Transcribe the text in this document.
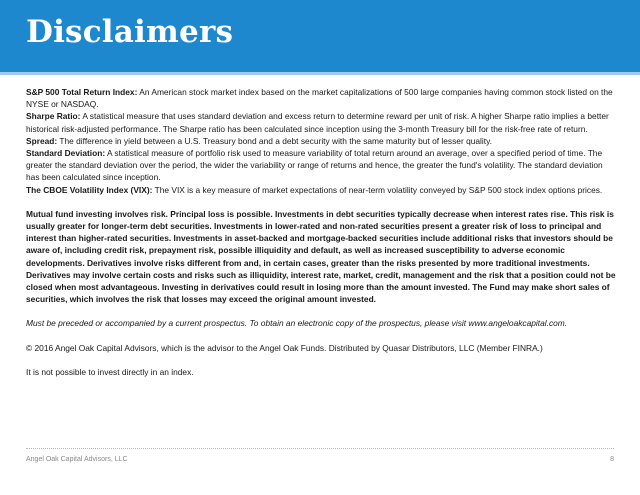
Disclaimers

S&P 500 Total Return Index: An American stock market index based on the market capitalizations of 500 large companies having common stock listed on the NYSE or NASDAQ.

Sharpe Ratio: A statistical measure that uses standard deviation and excess return to determine reward per unit of risk. A higher Sharpe ratio implies a better historical risk-adjusted performance. The Sharpe ratio has been calculated since inception using the 3-month Treasury bill for the risk-free rate of return.

Spread: The difference in yield between a U.S. Treasury bond and a debt security with the same maturity but of lesser quality.

Standard Deviation: A statistical measure of portfolio risk used to measure variability of total return around an average, over a specified period of time. The greater the standard deviation over the period, the wider the variability or range of returns and hence, the greater the fund's volatility. The standard deviation has been calculated since inception.

The CBOE Volatility Index (VIX): The VIX is a key measure of market expectations of near-term volatility conveyed by S&P 500 stock index options prices.

Mutual fund investing involves risk. Principal loss is possible. Investments in debt securities typically decrease when interest rates rise. This risk is usually greater for longer-term debt securities. Investments in lower-rated and non-rated securities present a greater risk of loss to principal and interest than higher-rated securities. Investments in asset-backed and mortgage-backed securities include additional risks that investors should be aware of, including credit risk, prepayment risk, possible illiquidity and default, as well as increased susceptibility to adverse economic developments. Derivatives involve risks different from and, in certain cases, greater than the risks presented by more traditional investments. Derivatives may involve certain costs and risks such as illiquidity, interest rate, market, credit, management and the risk that a position could not be closed when most advantageous. Investing in derivatives could result in losing more than the amount invested. The Fund may make short sales of securities, which involves the risk that losses may exceed the original amount invested.

Must be preceded or accompanied by a current prospectus. To obtain an electronic copy of the prospectus, please visit www.angeloakcapital.com.

© 2016 Angel Oak Capital Advisors, which is the advisor to the Angel Oak Funds. Distributed by Quasar Distributors, LLC (Member FINRA.)

It is not possible to invest directly in an index.

Angel Oak Capital Advisors, LLC	8
